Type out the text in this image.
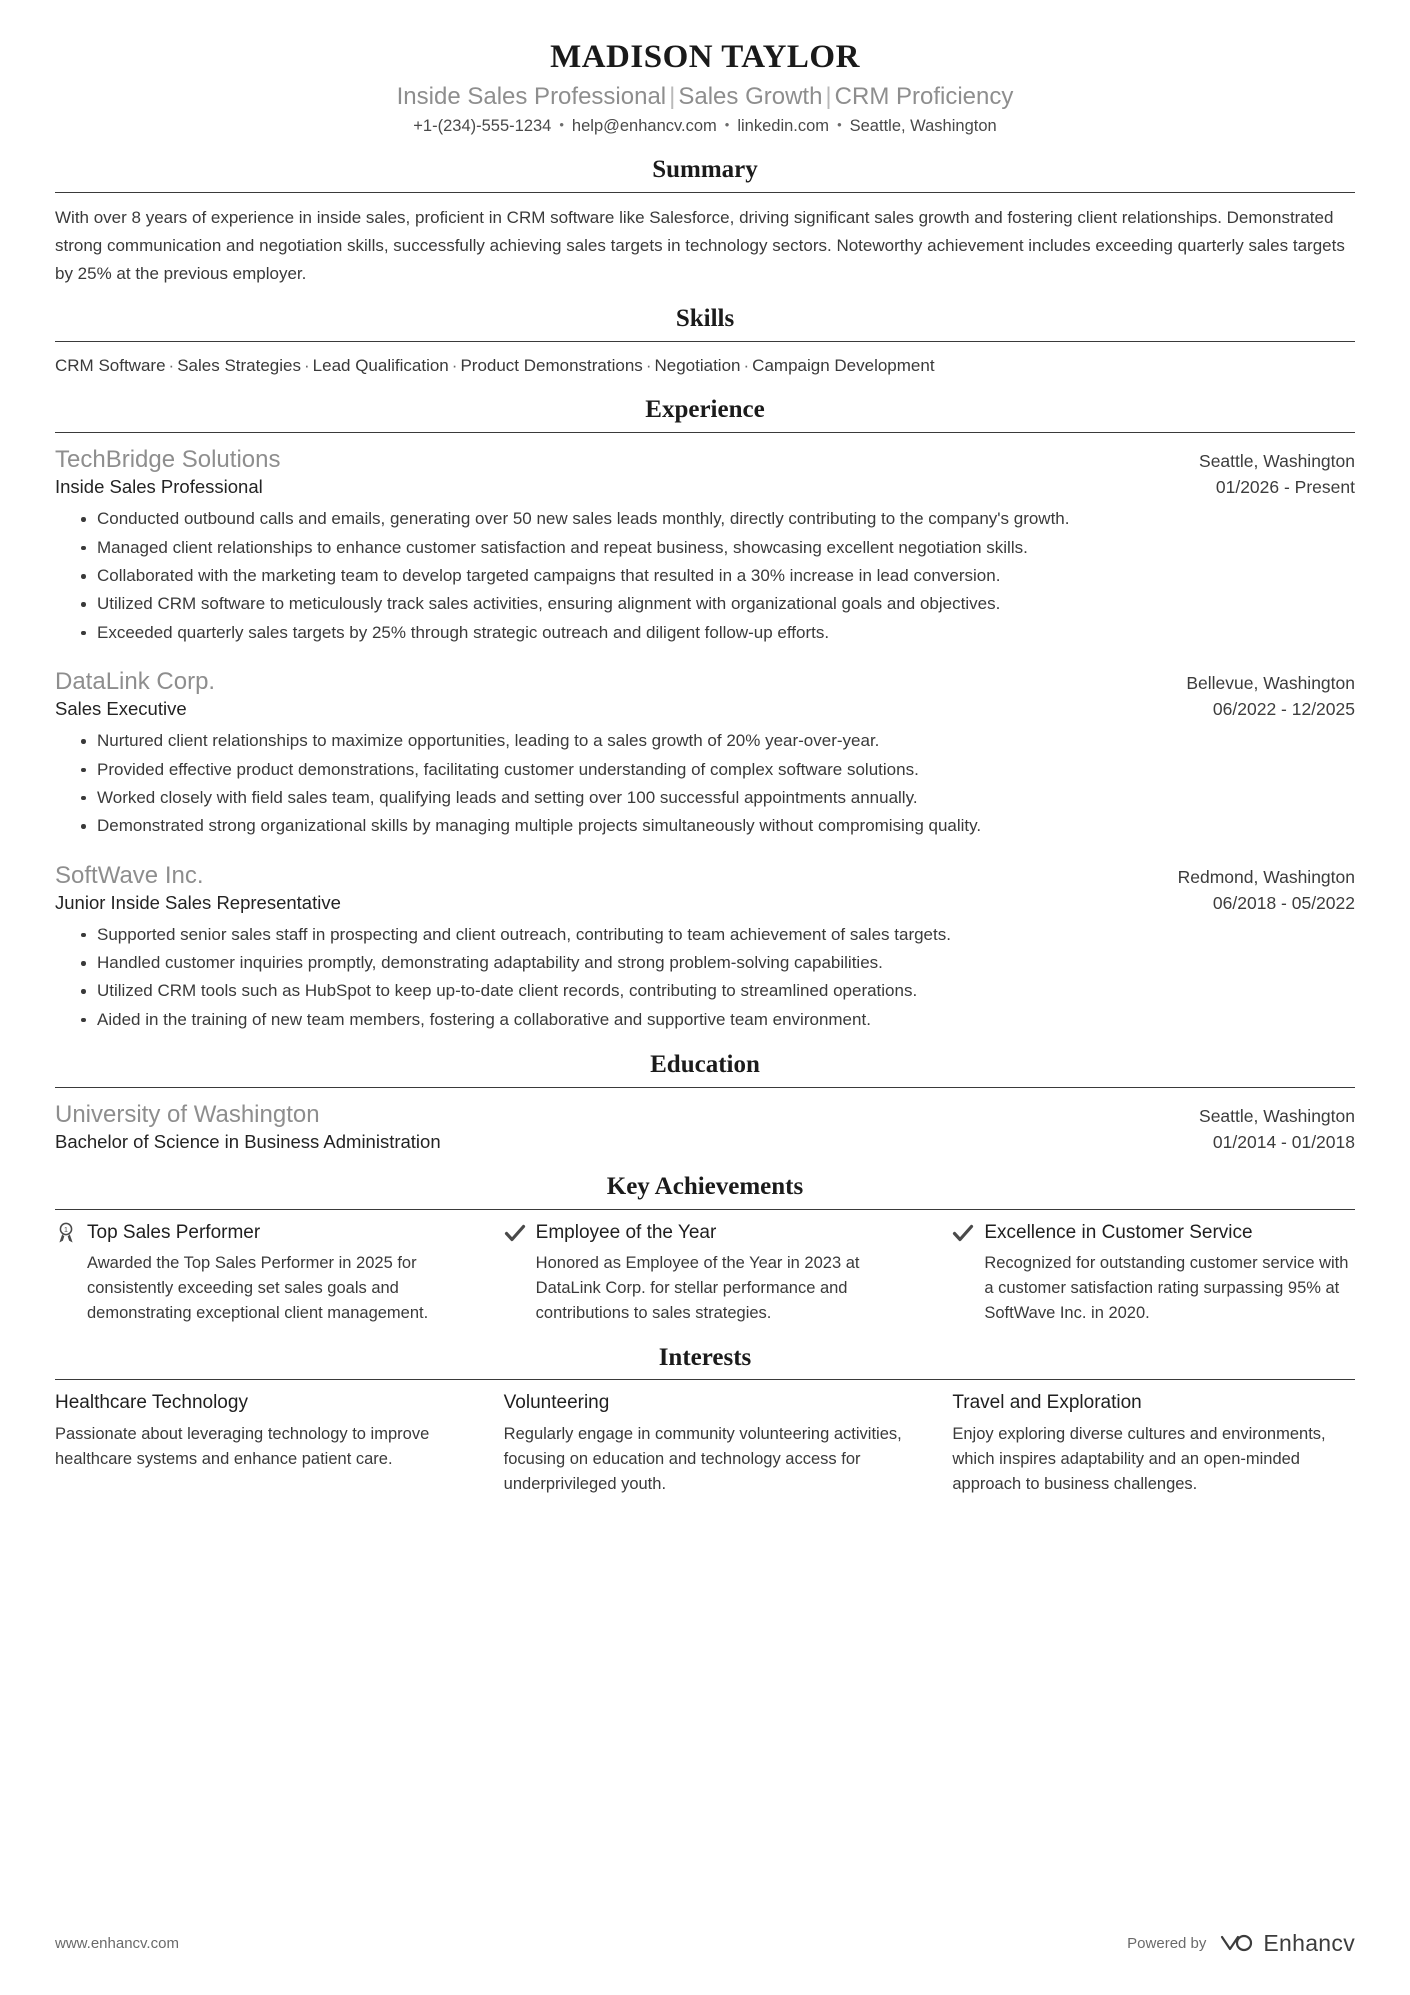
MADISON TAYLOR
Inside Sales Professional | Sales Growth | CRM Proficiency
+1-(234)-555-1234 • help@enhancv.com • linkedin.com • Seattle, Washington
Summary

With over 8 years of experience in inside sales, proficient in CRM software like Salesforce, driving significant sales growth and fostering client relationships. Demonstrated strong communication and negotiation skills, successfully achieving sales targets in technology sectors. Noteworthy achievement includes exceeding quarterly sales targets by 25% at the previous employer.

Skills
CRM Software · Sales Strategies · Lead Qualification · Product Demonstrations · Negotiation · Campaign Development
Experience
TechBridge Solutions	Seattle, Washington
Inside Sales Professional	01/2026 - Present
Conducted outbound calls and emails, generating over 50 new sales leads monthly, directly contributing to the company's growth.
Managed client relationships to enhance customer satisfaction and repeat business, showcasing excellent negotiation skills.
Collaborated with the marketing team to develop targeted campaigns that resulted in a 30% increase in lead conversion.
Utilized CRM software to meticulously track sales activities, ensuring alignment with organizational goals and objectives.
Exceeded quarterly sales targets by 25% through strategic outreach and diligent follow-up efforts.
DataLink Corp.	Bellevue, Washington
Sales Executive	06/2022 - 12/2025
Nurtured client relationships to maximize opportunities, leading to a sales growth of 20% year-over-year.
Provided effective product demonstrations, facilitating customer understanding of complex software solutions.
Worked closely with field sales team, qualifying leads and setting over 100 successful appointments annually.
Demonstrated strong organizational skills by managing multiple projects simultaneously without compromising quality.
SoftWave Inc.	Redmond, Washington
Junior Inside Sales Representative	06/2018 - 05/2022
Supported senior sales staff in prospecting and client outreach, contributing to team achievement of sales targets.
Handled customer inquiries promptly, demonstrating adaptability and strong problem-solving capabilities.
Utilized CRM tools such as HubSpot to keep up-to-date client records, contributing to streamlined operations.
Aided in the training of new team members, fostering a collaborative and supportive team environment.
Education
University of Washington	Seattle, Washington
Bachelor of Science in Business Administration	01/2014 - 01/2018
Key Achievements
1 Top Sales Performer
Awarded the Top Sales Performer in 2025 for consistently exceeding set sales goals and demonstrating exceptional client management.
Employee of the Year
Honored as Employee of the Year in 2023 at DataLink Corp. for stellar performance and contributions to sales strategies.
Excellence in Customer Service
Recognized for outstanding customer service with a customer satisfaction rating surpassing 95% at SoftWave Inc. in 2020.
Interests
Healthcare Technology
Passionate about leveraging technology to improve healthcare systems and enhance patient care.
Volunteering
Regularly engage in community volunteering activities, focusing on education and technology access for underprivileged youth.
Travel and Exploration
Enjoy exploring diverse cultures and environments, which inspires adaptability and an open-minded approach to business challenges.
www.enhancv.com	Powered by Enhancv
